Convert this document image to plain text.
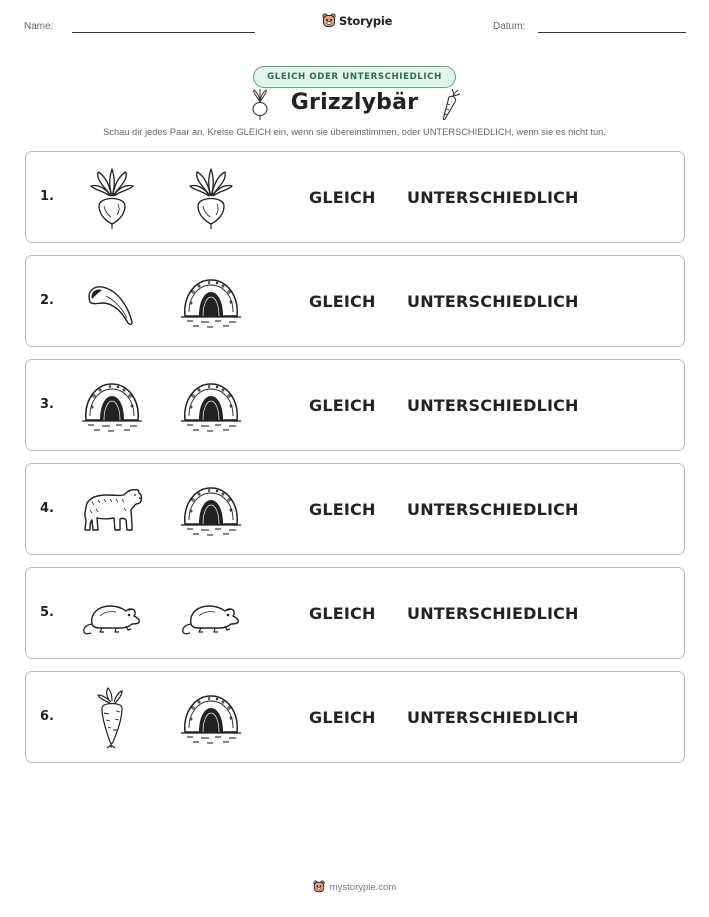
Name:	Storypie	Datum:
GLEICH ODER UNTERSCHIEDLICH
Grizzlybär
Schau dir jedes Paar an. Kreise GLEICH ein, wenn sie übereinstimmen, oder UNTERSCHIEDLICH, wenn sie es nicht tun.
1.	GLEICH UNTERSCHIEDLICH
2.	GLEICH UNTERSCHIEDLICH
3.	GLEICH UNTERSCHIEDLICH
4.	GLEICH UNTERSCHIEDLICH
5.	GLEICH UNTERSCHIEDLICH
6.	GLEICH UNTERSCHIEDLICH
mystorypie.com
